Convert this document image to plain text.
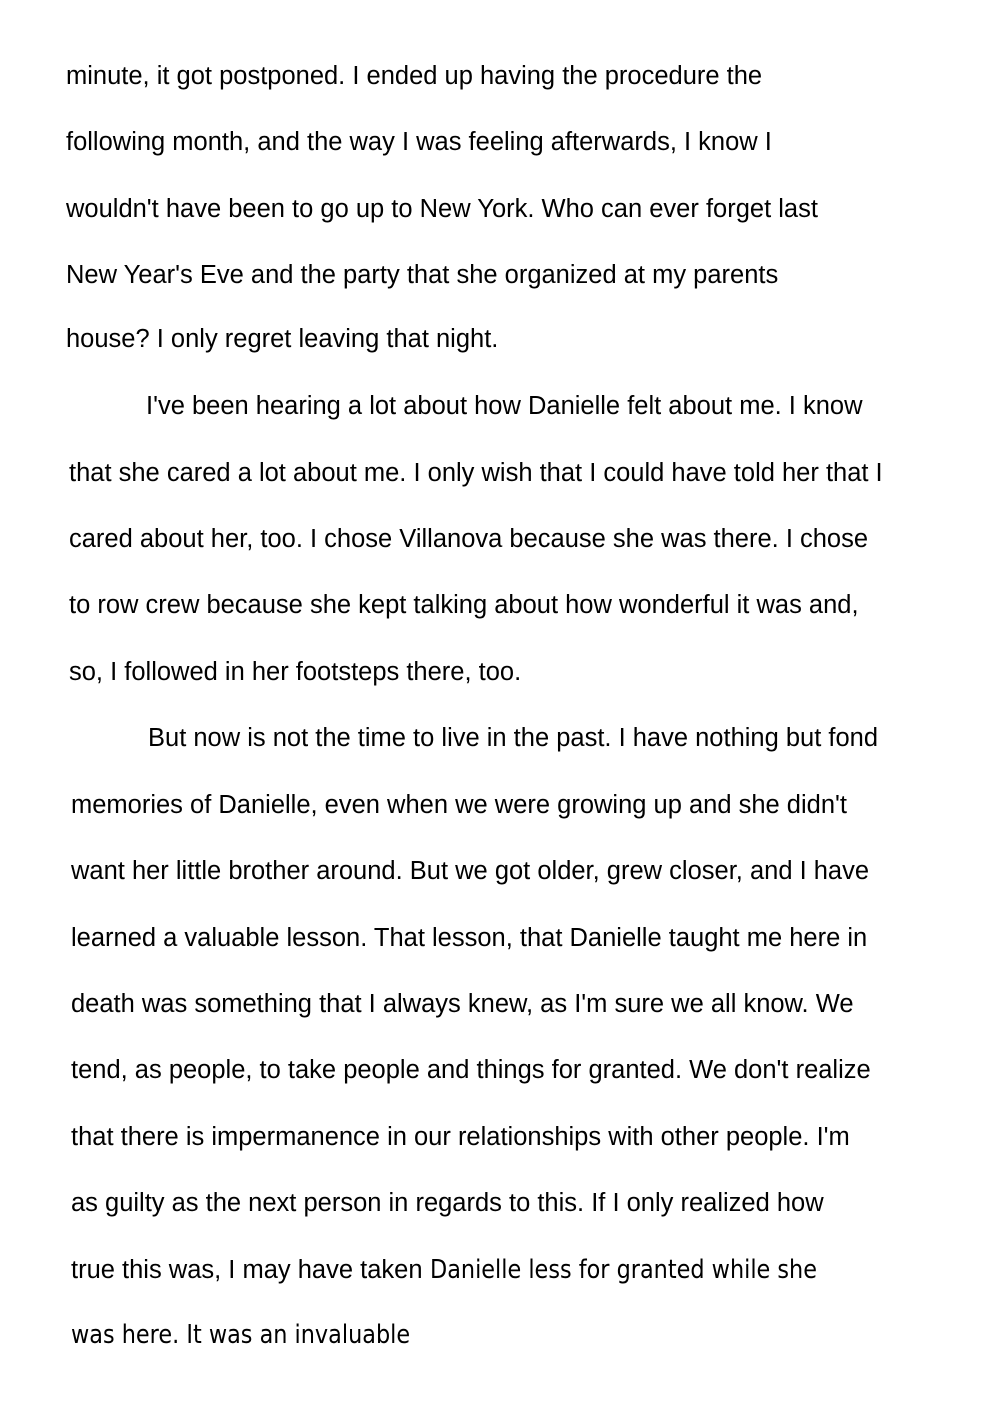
minute, it got postponed. I ended up having the procedure the
following month, and the way I was feeling afterwards, I know I
wouldn't have been to go up to New York. Who can ever forget last
New Year's Eve and the party that she organized at my parents
house? I only regret leaving that night.
I've been hearing a lot about how Danielle felt about me. I know
that she cared a lot about me. I only wish that I could have told her that I
cared about her, too. I chose Villanova because she was there. I chose
to row crew because she kept talking about how wonderful it was and,
so, I followed in her footsteps there, too.
But now is not the time to live in the past. I have nothing but fond
memories of Danielle, even when we were growing up and she didn't
want her little brother around. But we got older, grew closer, and I have
learned a valuable lesson. That lesson, that Danielle taught me here in
death was something that I always knew, as I'm sure we all know. We
tend, as people, to take people and things for granted. We don't realize
that there is impermanence in our relationships with other people. I'm
as guilty as the next person in regards to this. If I only realized how
true this was, I may have taken Danielle less for granted while she
was here. It was an invaluable
